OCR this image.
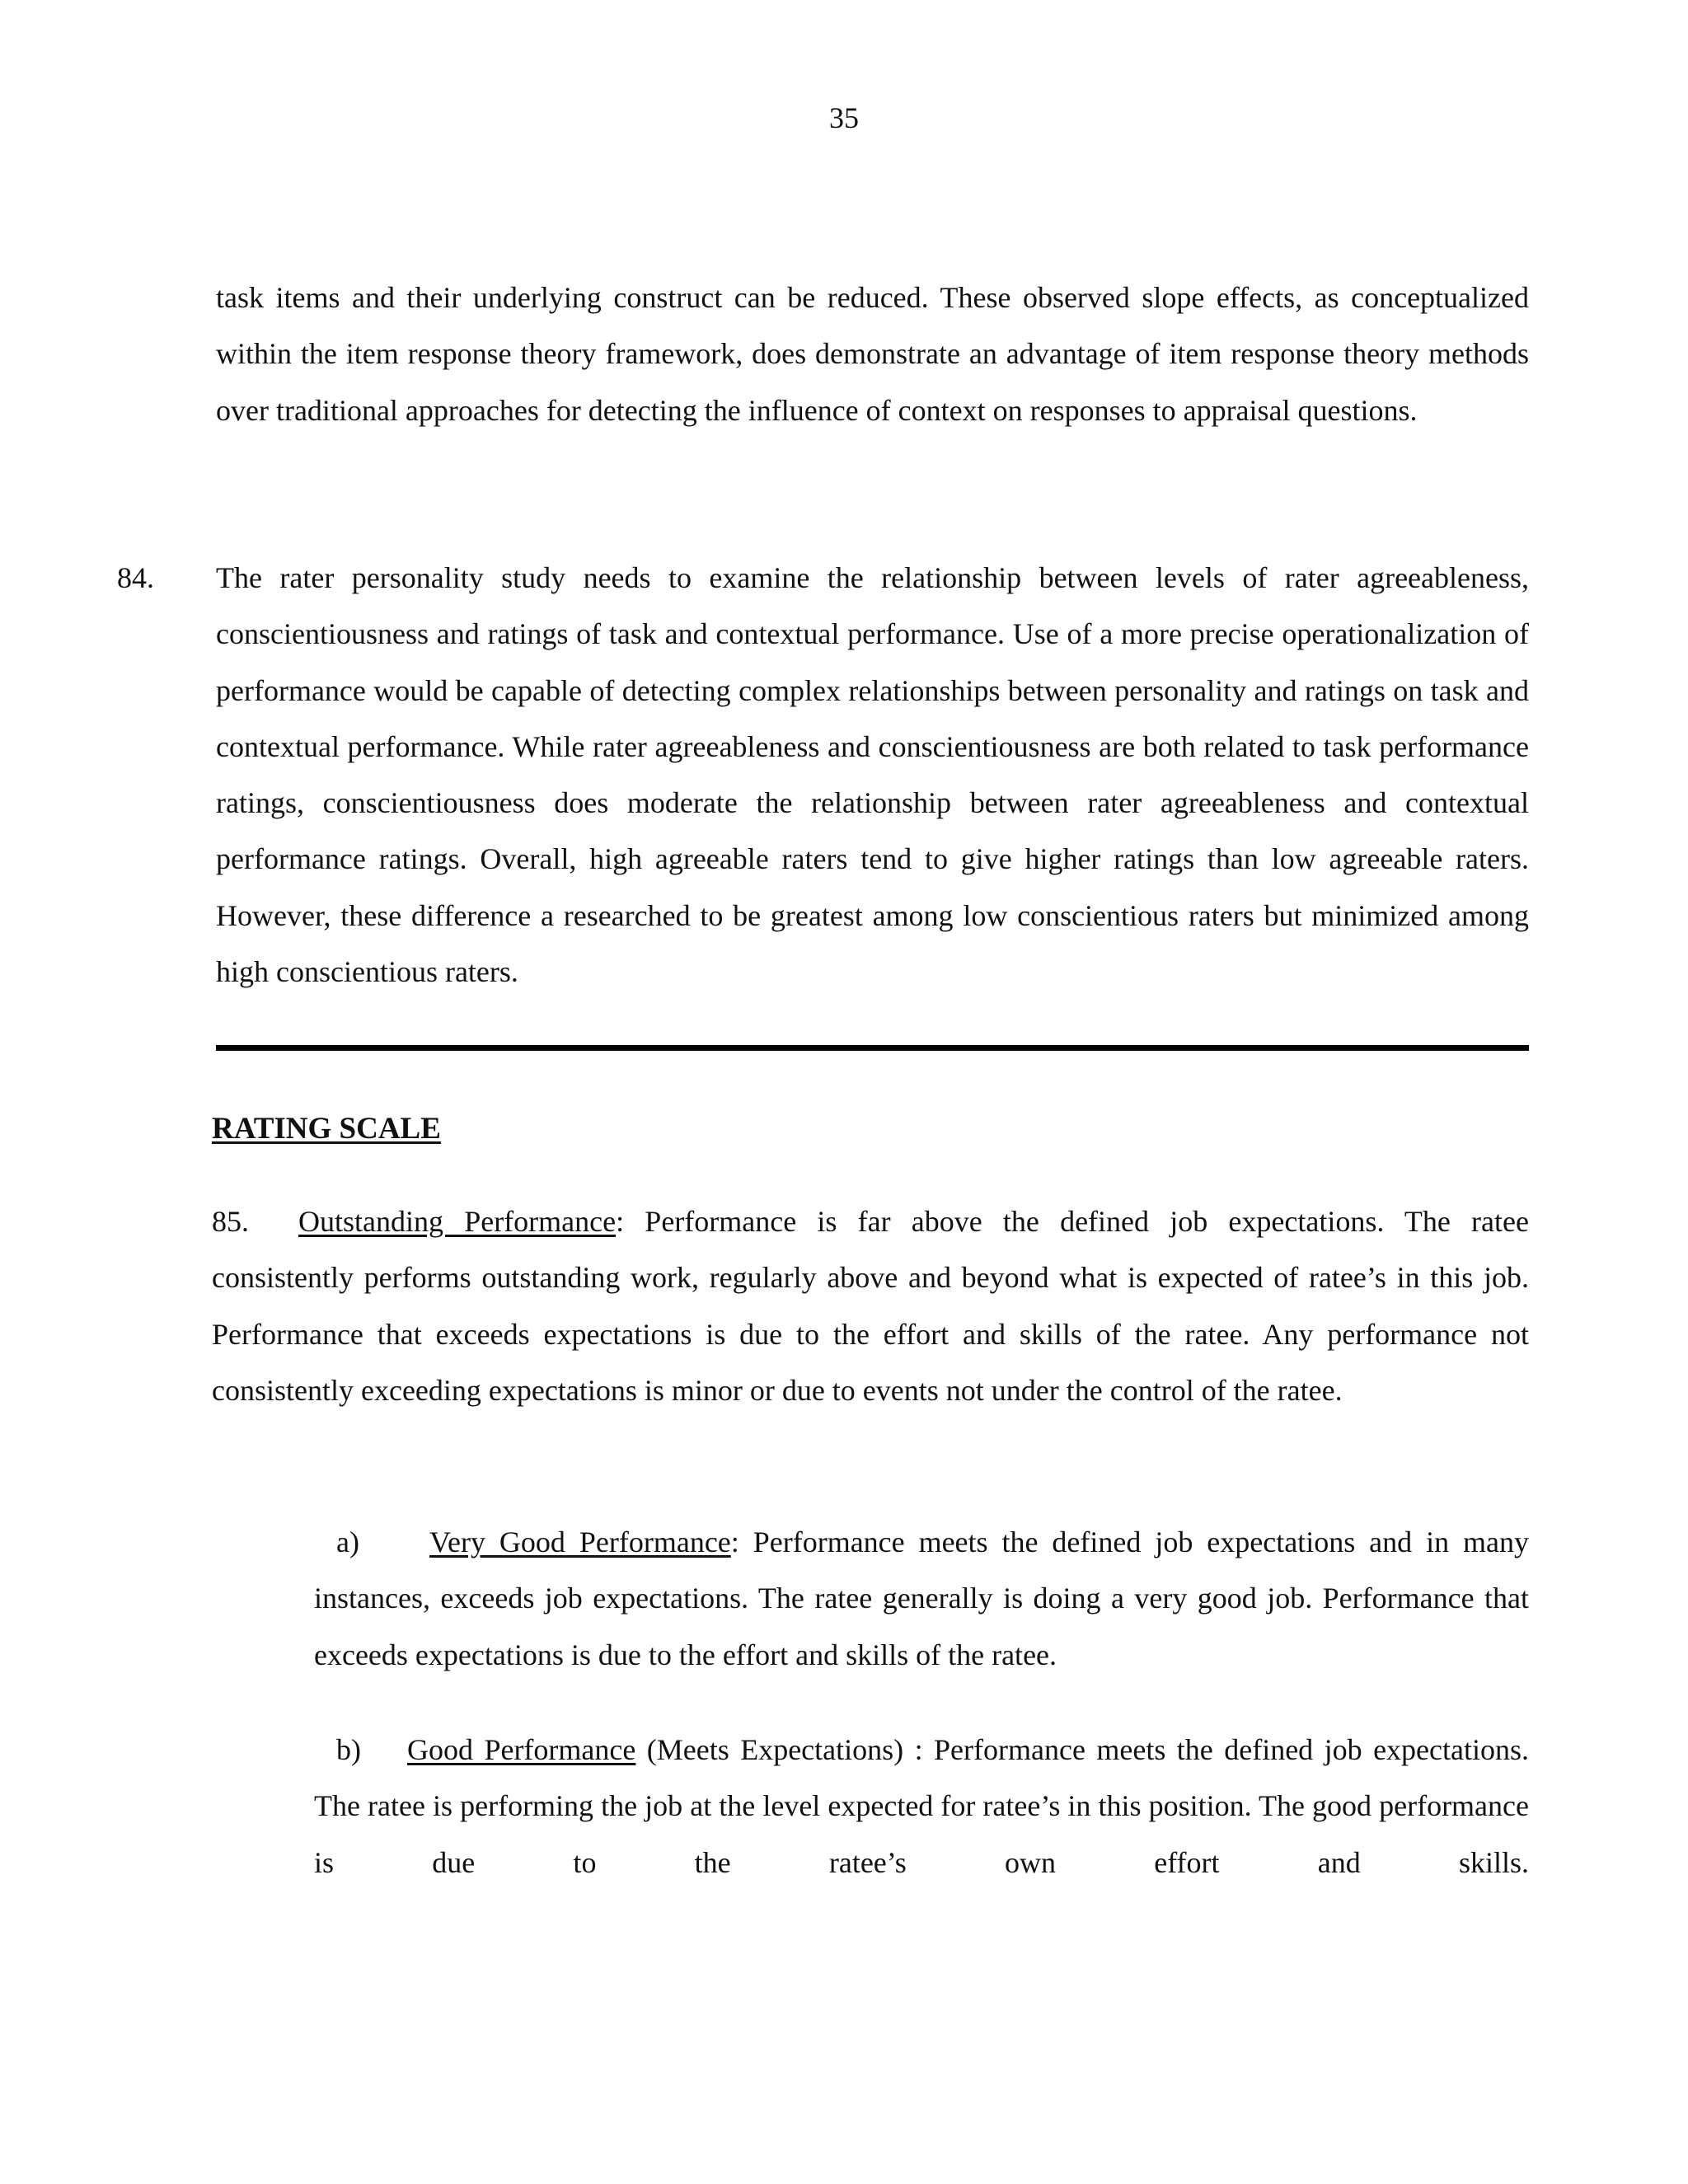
35
task items and their underlying construct can be reduced. These observed slope effects, as conceptualized within the item response theory framework, does demonstrate an advantage of item response theory methods over traditional approaches for detecting the influence of context on responses to appraisal questions.
84. The rater personality study needs to examine the relationship between levels of rater agreeableness, conscientiousness and ratings of task and contextual performance. Use of a more precise operationalization of performance would be capable of detecting complex relationships between personality and ratings on task and contextual performance. While rater agreeableness and conscientiousness are both related to task performance ratings, conscientiousness does moderate the relationship between rater agreeableness and contextual performance ratings. Overall, high agreeable raters tend to give higher ratings than low agreeable raters. However, these difference a researched to be greatest among low conscientious raters but minimized among high conscientious raters.
RATING SCALE
85. Outstanding Performance: Performance is far above the defined job expectations. The ratee consistently performs outstanding work, regularly above and beyond what is expected of ratee’s in this job. Performance that exceeds expectations is due to the effort and skills of the ratee. Any performance not consistently exceeding expectations is minor or due to events not under the control of the ratee.
a) Very Good Performance: Performance meets the defined job expectations and in many instances, exceeds job expectations. The ratee generally is doing a very good job. Performance that exceeds expectations is due to the effort and skills of the ratee.
b) Good Performance (Meets Expectations) : Performance meets the defined job expectations. The ratee is performing the job at the level expected for ratee’s in this position. The good performance is due to the ratee’s own effort and skills.
